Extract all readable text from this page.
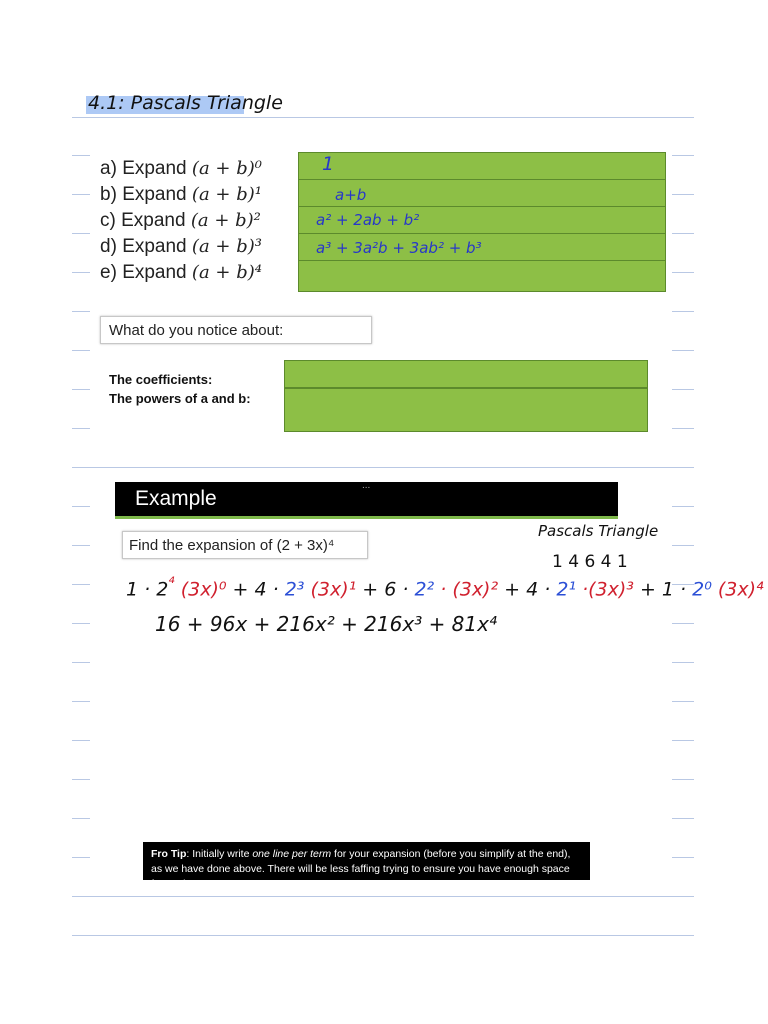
4.1: Pascals Triangle
a) Expand (a + b)⁰
b) Expand (a + b)¹
c) Expand (a + b)²
d) Expand (a + b)³
e) Expand (a + b)⁴
1
a+b
a² + 2ab + b²
a³ + 3a²b + 3ab² + b³
What do you notice about:
The coefficients:
The powers of a and b:
Example
...
Find the expansion of (2 + 3x)⁴
Pascals Triangle
1 4 6 4 1
$1 \cdot 2^{^4}$ (3x)⁰ + 4 · 2³ (3x)¹ + 6 · 2² · (3x)² + 4 · 2¹ ·(3x)³ + 1 · 2⁰ (3x)⁴
16 + 96x + 216x² + 216x³ + 81x⁴
Fro Tip: Initially write one line per term for your expansion (before you simplify at the end), as we have done above. There will be less faffing trying to ensure you have enough space for each term.
